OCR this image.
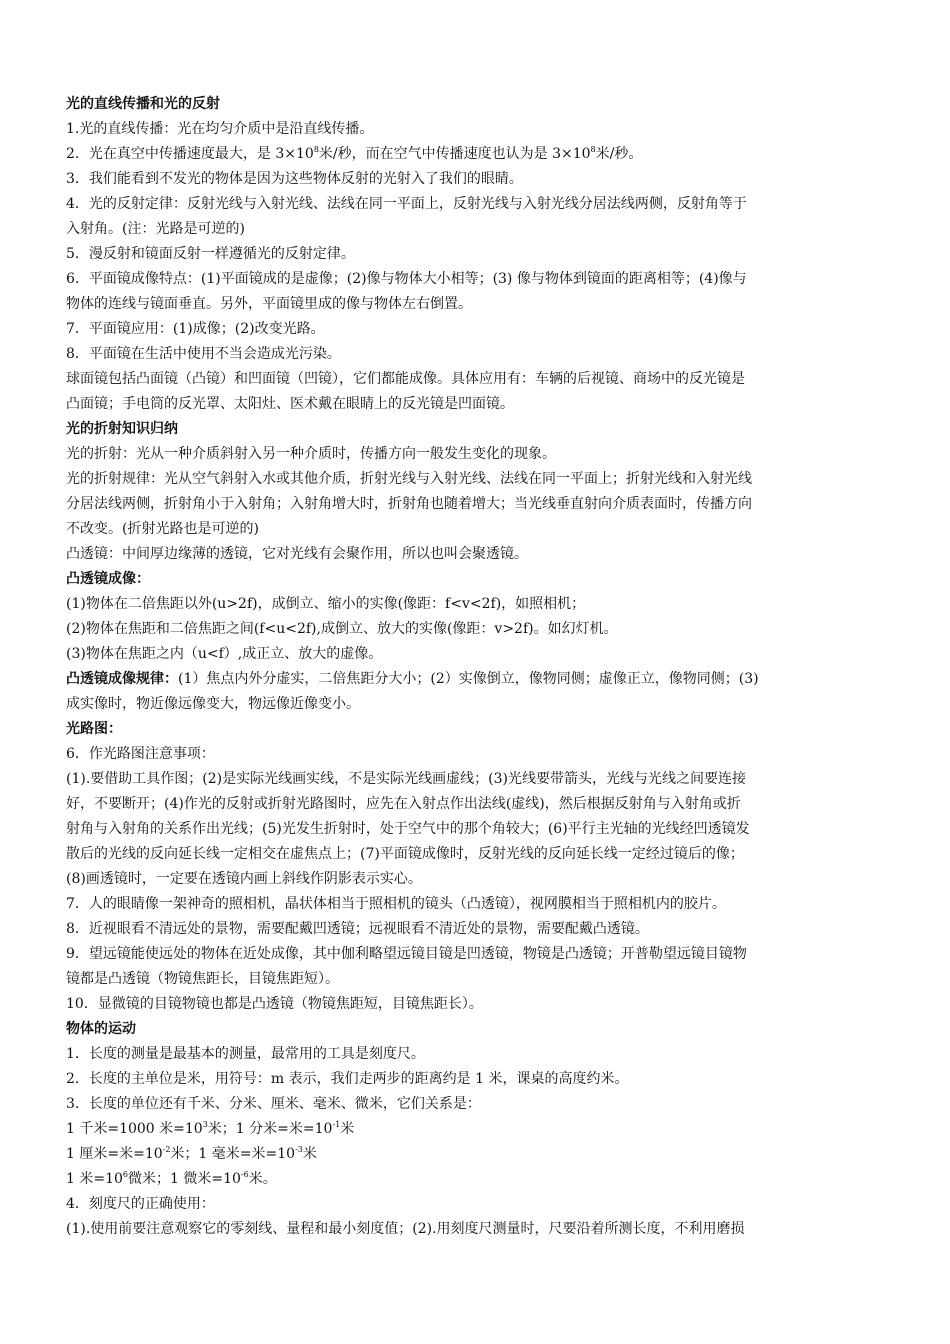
光的直线传播和光的反射
1.光的直线传播：光在均匀介质中是沿直线传播。
2．光在真空中传播速度最大，是 $3\times 10^8$米/秒，而在空气中传播速度也认为是 $3\times 10^8$米/秒。
3．我们能看到不发光的物体是因为这些物体反射的光射入了我们的眼睛。
4．光的反射定律：反射光线与入射光线、法线在同一平面上，反射光线与入射光线分居法线两侧，反射角等于
入射角。(注：光路是可逆的)
5．漫反射和镜面反射一样遵循光的反射定律。
6．平面镜成像特点：(1)平面镜成的是虚像；(2)像与物体大小相等；(3) 像与物体到镜面的距离相等；(4)像与
物体的连线与镜面垂直。另外，平面镜里成的像与物体左右倒置。
7．平面镜应用：(1)成像；(2)改变光路。
8．平面镜在生活中使用不当会造成光污染。
球面镜包括凸面镜（凸镜）和凹面镜（凹镜），它们都能成像。具体应用有：车辆的后视镜、商场中的反光镜是
凸面镜；手电筒的反光罩、太阳灶、医术戴在眼睛上的反光镜是凹面镜。
光的折射知识归纳
光的折射：光从一种介质斜射入另一种介质时，传播方向一般发生变化的现象。
光的折射规律：光从空气斜射入水或其他介质，折射光线与入射光线、法线在同一平面上；折射光线和入射光线
分居法线两侧，折射角小于入射角；入射角增大时，折射角也随着增大；当光线垂直射向介质表面时，传播方向
不改变。(折射光路也是可逆的)
凸透镜：中间厚边缘薄的透镜，它对光线有会聚作用，所以也叫会聚透镜。
凸透镜成像：
(1)物体在二倍焦距以外(u>2f)，成倒立、缩小的实像(像距：f<v<2f)，如照相机；
(2)物体在焦距和二倍焦距之间(f<u<2f),成倒立、放大的实像(像距：v>2f)。如幻灯机。
(3)物体在焦距之内（u<f）,成正立、放大的虚像。
凸透镜成像规律：(1）焦点内外分虚实，二倍焦距分大小；(2）实像倒立，像物同侧；虚像正立，像物同侧；(3)
成实像时，物近像远像变大，物远像近像变小。
光路图：
6．作光路图注意事项：
(1).要借助工具作图；(2)是实际光线画实线，不是实际光线画虚线；(3)光线要带箭头，光线与光线之间要连接
好，不要断开；(4)作光的反射或折射光路图时，应先在入射点作出法线(虚线)，然后根据反射角与入射角或折
射角与入射角的关系作出光线；(5)光发生折射时，处于空气中的那个角较大；(6)平行主光轴的光线经凹透镜发
散后的光线的反向延长线一定相交在虚焦点上；(7)平面镜成像时，反射光线的反向延长线一定经过镜后的像；
(8)画透镜时，一定要在透镜内画上斜线作阴影表示实心。
7．人的眼睛像一架神奇的照相机，晶状体相当于照相机的镜头（凸透镜），视网膜相当于照相机内的胶片。
8．近视眼看不清远处的景物，需要配戴凹透镜；远视眼看不清近处的景物，需要配戴凸透镜。
9．望远镜能使远处的物体在近处成像，其中伽利略望远镜目镜是凹透镜，物镜是凸透镜；开普勒望远镜目镜物
镜都是凸透镜（物镜焦距长，目镜焦距短）。
10．显微镜的目镜物镜也都是凸透镜（物镜焦距短，目镜焦距长）。
物体的运动
1．长度的测量是最基本的测量，最常用的工具是刻度尺。
2．长度的主单位是米，用符号：m 表示，我们走两步的距离约是 1 米，课桌的高度约米。
3．长度的单位还有千米、分米、厘米、毫米、微米，它们关系是：
1 千米=1000 米$=10^3$米；1 分米=米$=10^{-1}$米
1 厘米=米$=10^{-2}$米；1 毫米=米$=10^{-3}$米
1 米$=10^6$微米；1 微米$=10^{-6}$米。
4．刻度尺的正确使用：
(1).使用前要注意观察它的零刻线、量程和最小刻度值；(2).用刻度尺测量时，尺要沿着所测长度，不利用磨损
